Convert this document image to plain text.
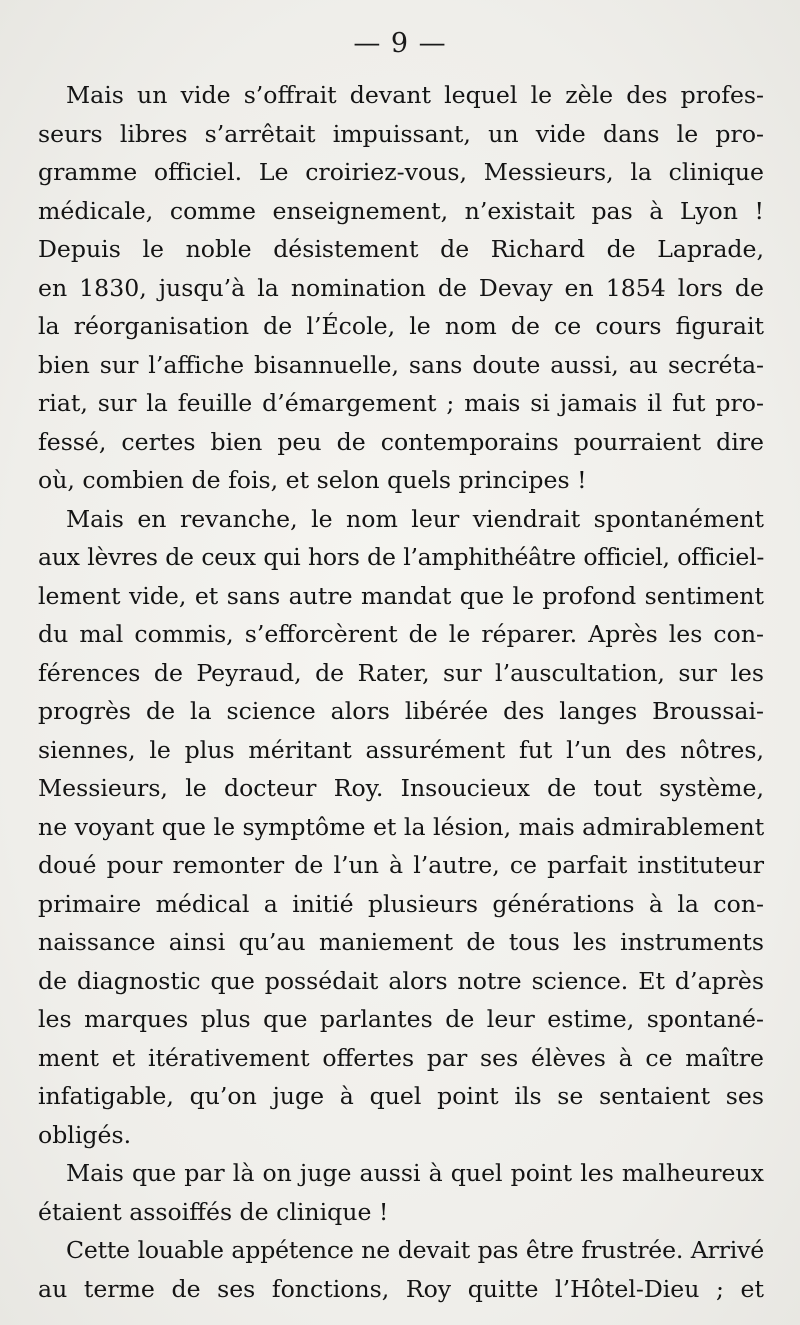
— 9 —
Mais un vide s’offrait devant lequel le zèle des profes-
seurs libres s’arrêtait impuissant, un vide dans le pro-
gramme officiel. Le croiriez-vous, Messieurs, la clinique
médicale, comme enseignement, n’existait pas à Lyon !
Depuis le noble désistement de Richard de Laprade,
en 1830, jusqu’à la nomination de Devay en 1854 lors de
la réorganisation de l’École, le nom de ce cours figurait
bien sur l’affiche bisannuelle, sans doute aussi, au secréta-
riat, sur la feuille d’émargement ; mais si jamais il fut pro-
fessé, certes bien peu de contemporains pourraient dire
où, combien de fois, et selon quels principes !
Mais en revanche, le nom leur viendrait spontanément
aux lèvres de ceux qui hors de l’amphithéâtre officiel, officiel-
lement vide, et sans autre mandat que le profond sentiment
du mal commis, s’efforcèrent de le réparer. Après les con-
férences de Peyraud, de Rater, sur l’auscultation, sur les
progrès de la science alors libérée des langes Broussai-
siennes, le plus méritant assurément fut l’un des nôtres,
Messieurs, le docteur Roy. Insoucieux de tout système,
ne voyant que le symptôme et la lésion, mais admirablement
doué pour remonter de l’un à l’autre, ce parfait instituteur
primaire médical a initié plusieurs générations à la con-
naissance ainsi qu’au maniement de tous les instruments
de diagnostic que possédait alors notre science. Et d’après
les marques plus que parlantes de leur estime, spontané-
ment et itérativement offertes par ses élèves à ce maître
infatigable, qu’on juge à quel point ils se sentaient ses
obligés.
Mais que par là on juge aussi à quel point les malheureux
étaient assoiffés de clinique !
Cette louable appétence ne devait pas être frustrée. Arrivé
au terme de ses fonctions, Roy quitte l’Hôtel-Dieu ; et
